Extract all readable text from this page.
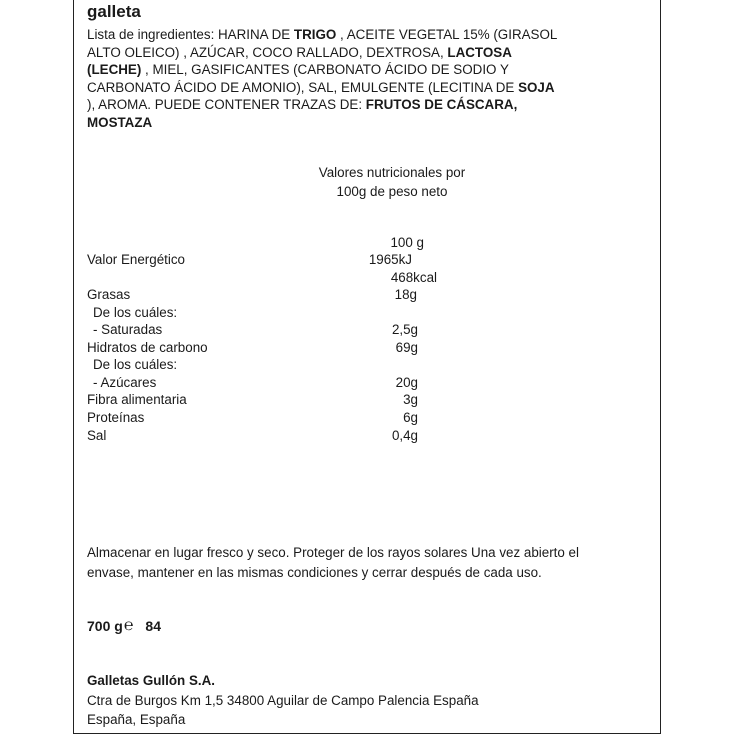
galleta
Lista de ingredientes: HARINA DE TRIGO , ACEITE VEGETAL 15% (GIRASOL
ALTO OLEICO) , AZÚCAR, COCO RALLADO, DEXTROSA, LACTOSA
(LECHE) , MIEL, GASIFICANTES (CARBONATO ÁCIDO DE SODIO Y
CARBONATO ÁCIDO DE AMONIO), SAL, EMULGENTE (LECITINA DE SOJA
), AROMA. PUEDE CONTENER TRAZAS DE: FRUTOS DE CÁSCARA,
MOSTAZA
Valores nutricionales por
100g de peso neto
100 g
Valor Energético	1965kJ
468kcal
Grasas	18g
De los cuáles:
- Saturadas	2,5g
Hidratos de carbono	69g
De los cuáles:
- Azúcares	20g
Fibra alimentaria	3g
Proteínas	6g
Sal	0,4g
Almacenar en lugar fresco y seco. Proteger de los rayos solares Una vez abierto el
envase, mantener en las mismas condiciones y cerrar después de cada uso.
700 g ℮ 84
Galletas Gullón S.A.
Ctra de Burgos Km 1,5 34800 Aguilar de Campo Palencia España
España, España
